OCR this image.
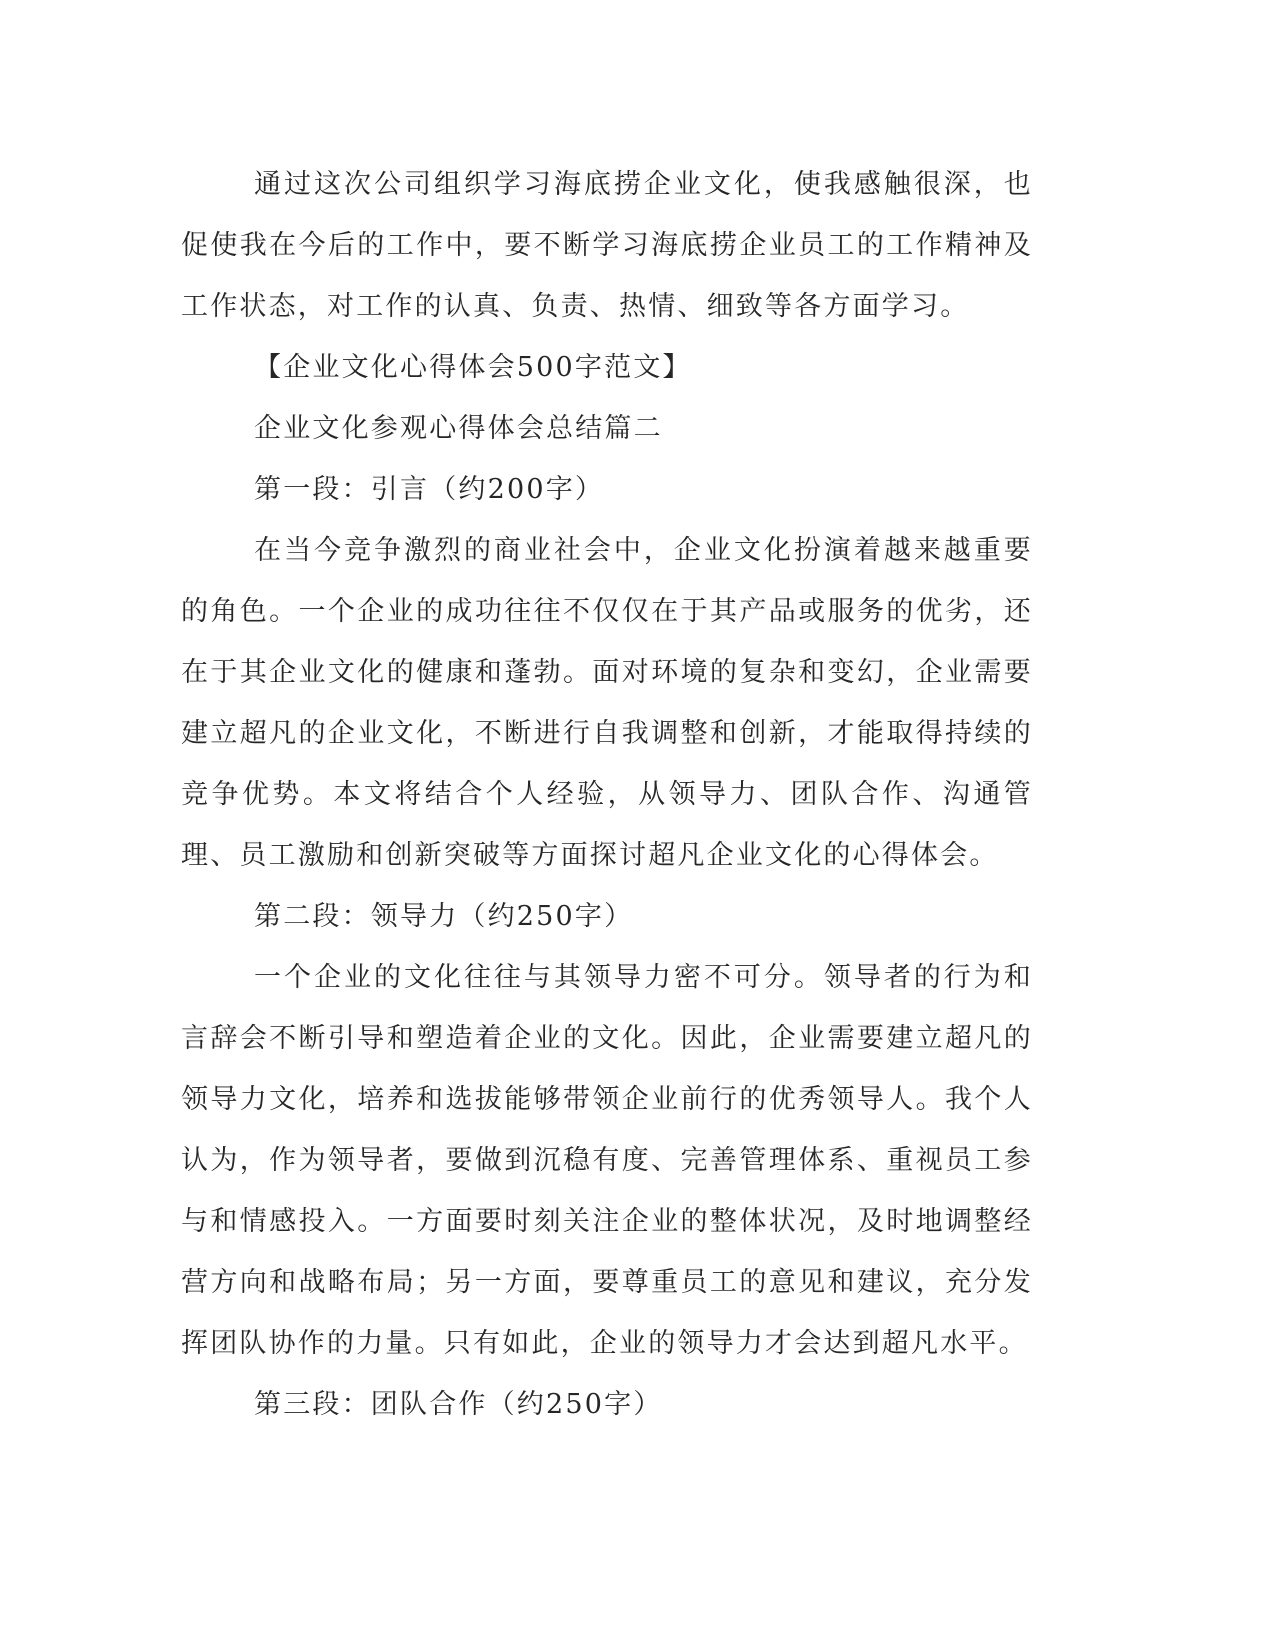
通过这次公司组织学习海底捞企业文化，使我感触很深，也促使我在今后的工作中，要不断学习海底捞企业员工的工作精神及工作状态，对工作的认真、负责、热情、细致等各方面学习。

【企业文化心得体会500字范文】

企业文化参观心得体会总结篇二

第一段：引言（约200字）

在当今竞争激烈的商业社会中，企业文化扮演着越来越重要的角色。一个企业的成功往往不仅仅在于其产品或服务的优劣，还在于其企业文化的健康和蓬勃。面对环境的复杂和变幻，企业需要建立超凡的企业文化，不断进行自我调整和创新，才能取得持续的竞争优势。本文将结合个人经验，从领导力、团队合作、沟通管理、员工激励和创新突破等方面探讨超凡企业文化的心得体会。

第二段：领导力（约250字）

一个企业的文化往往与其领导力密不可分。领导者的行为和言辞会不断引导和塑造着企业的文化。因此，企业需要建立超凡的领导力文化，培养和选拔能够带领企业前行的优秀领导人。我个人认为，作为领导者，要做到沉稳有度、完善管理体系、重视员工参与和情感投入。一方面要时刻关注企业的整体状况，及时地调整经营方向和战略布局；另一方面，要尊重员工的意见和建议，充分发挥团队协作的力量。只有如此，企业的领导力才会达到超凡水平。

第三段：团队合作（约250字）
